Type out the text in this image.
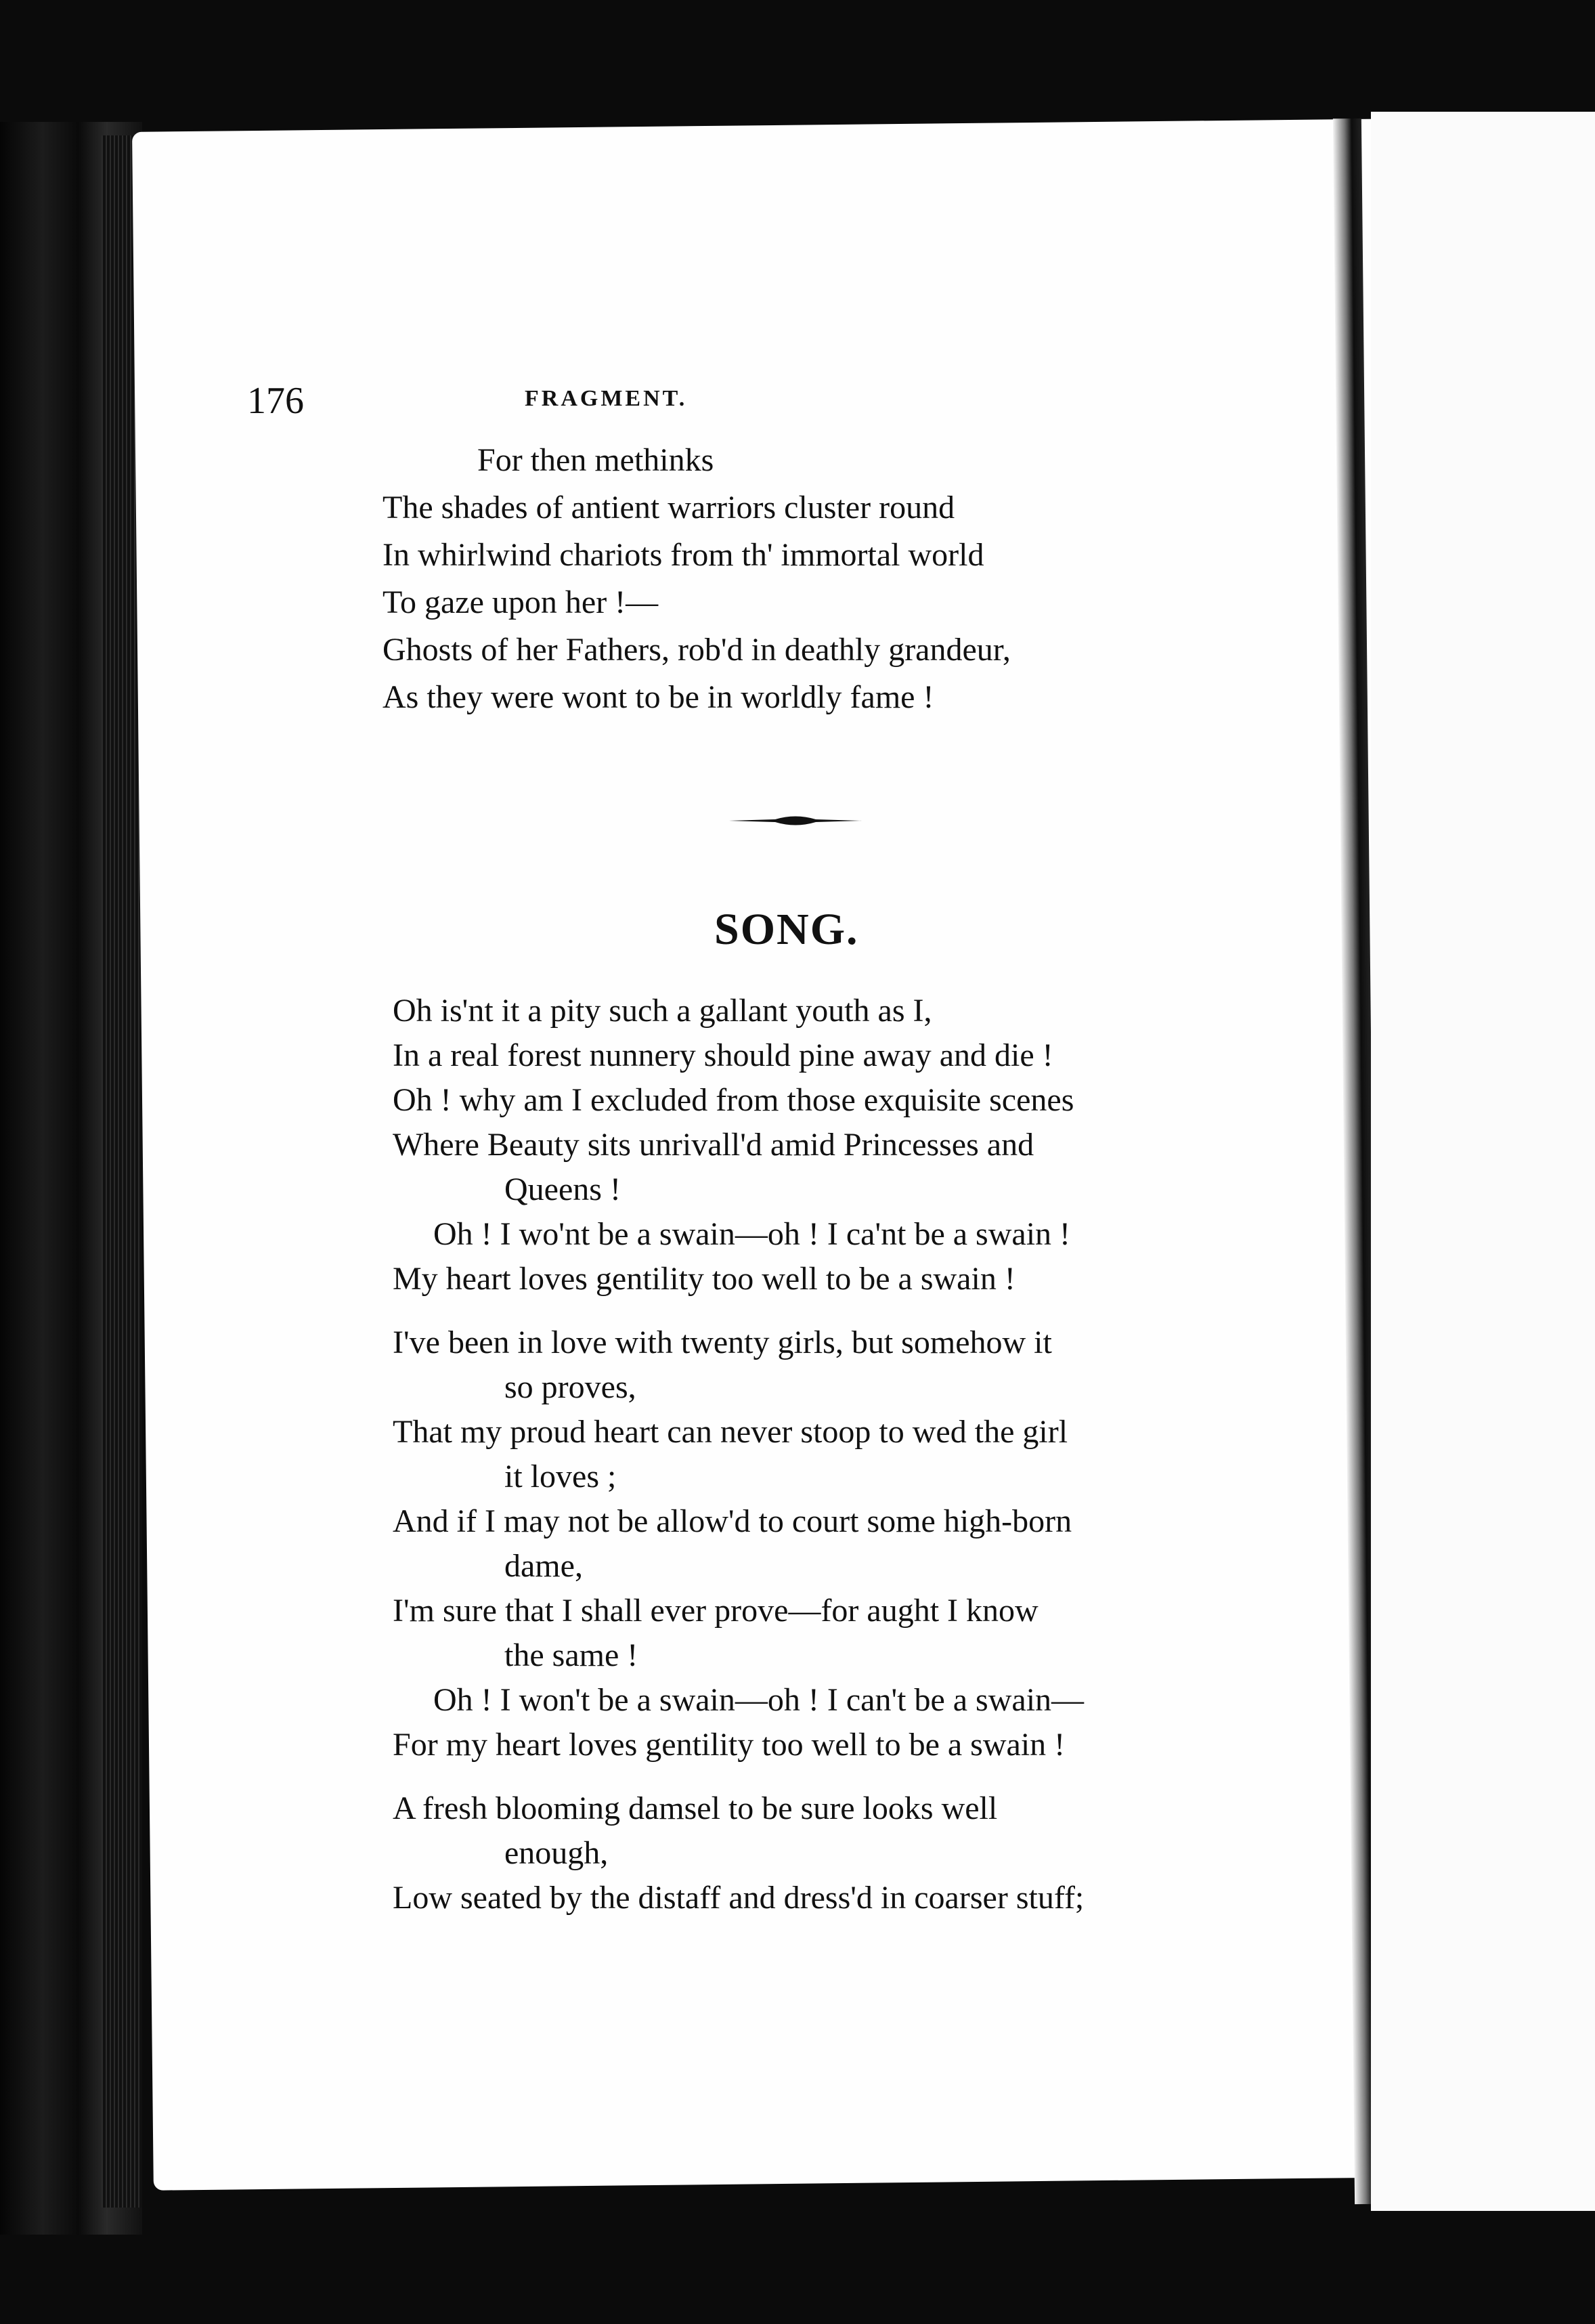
176	FRAGMENT.
For then methinks
The shades of antient warriors cluster round
In whirlwind chariots from th' immortal world
To gaze upon her !—
Ghosts of her Fathers, rob'd in deathly grandeur,
As they were wont to be in worldly fame !
SONG.
Oh is'nt it a pity such a gallant youth as I,
In a real forest nunnery should pine away and die !
Oh ! why am I excluded from those exquisite scenes
Where Beauty sits unrivall'd amid Princesses and
Queens !
Oh ! I wo'nt be a swain—oh ! I ca'nt be a swain !
My heart loves gentility too well to be a swain !
I've been in love with twenty girls, but somehow it
so proves,
That my proud heart can never stoop to wed the girl
it loves ;
And if I may not be allow'd to court some high-born
dame,
I'm sure that I shall ever prove—for aught I know
the same !
Oh ! I won't be a swain—oh ! I can't be a swain—
For my heart loves gentility too well to be a swain !
A fresh blooming damsel to be sure looks well
enough,
Low seated by the distaff and dress'd in coarser stuff;
